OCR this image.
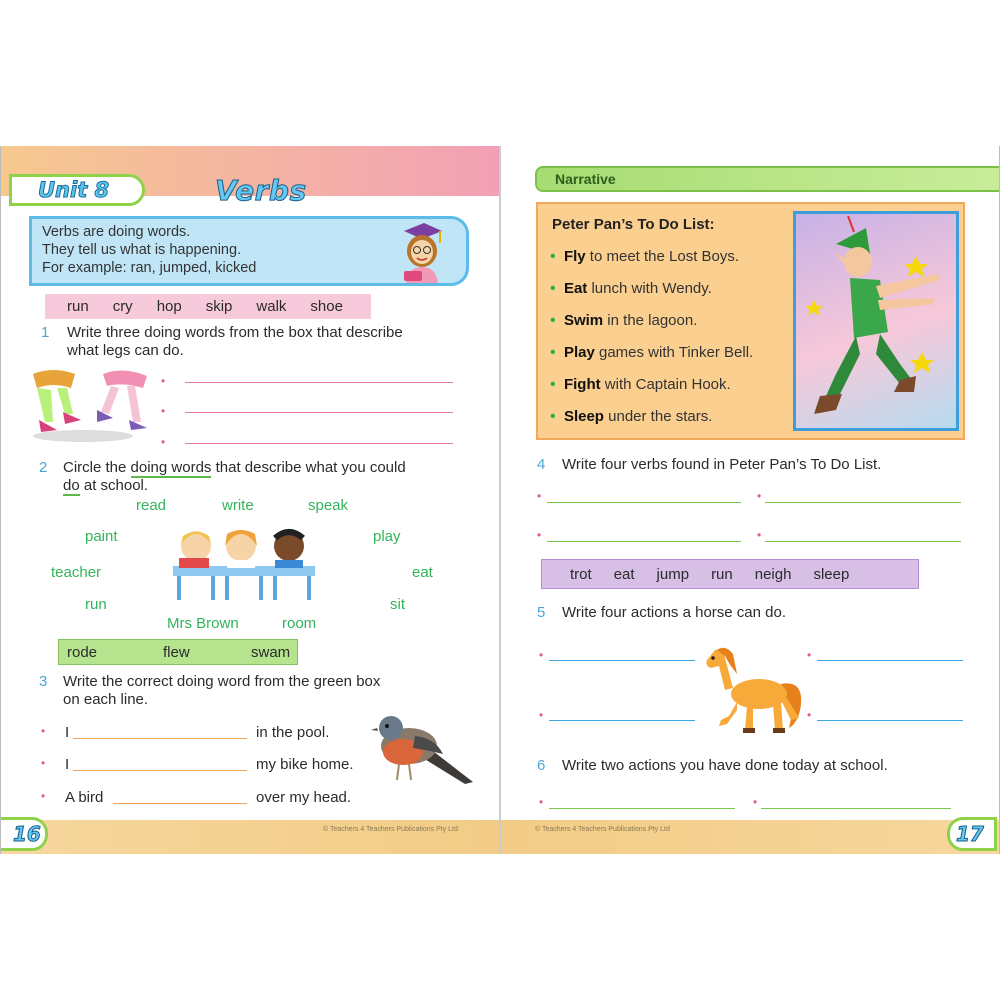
Unit 8	Verbs

Verbs are doing words.

They tell us what is happening.

For example: ran, jumped, kicked

run cry hop skip walk shoe
1 Write three doing words from the box that describe
what legs can do.
•
•
•
2 Circle the doing words that describe what you could
do at school.
read	write	speak
paint	play
teacher	eat
run	sit
Mrs Brown	room
rode	flew	swam
3 Write the correct doing word from the green box
on each line.
• I	in the pool.
• I	my bike home.
• A bird	over my head.
16	© Teachers 4 Teachers Publications Pty Ltd
Narrative
Peter Pan’s To Do List:
• Fly to meet the Lost Boys.
• Eat lunch with Wendy.
• Swim in the lagoon.
• Play games with Tinker Bell.
• Fight with Captain Hook.
• Sleep under the stars.
4 Write four verbs found in Peter Pan’s To Do List.
•	•
•	•
trot eat jump run neigh sleep
5 Write four actions a horse can do.
•	•
•	•
6 Write two actions you have done today at school.
•	•
© Teachers 4 Teachers Publications Pty Ltd	17
